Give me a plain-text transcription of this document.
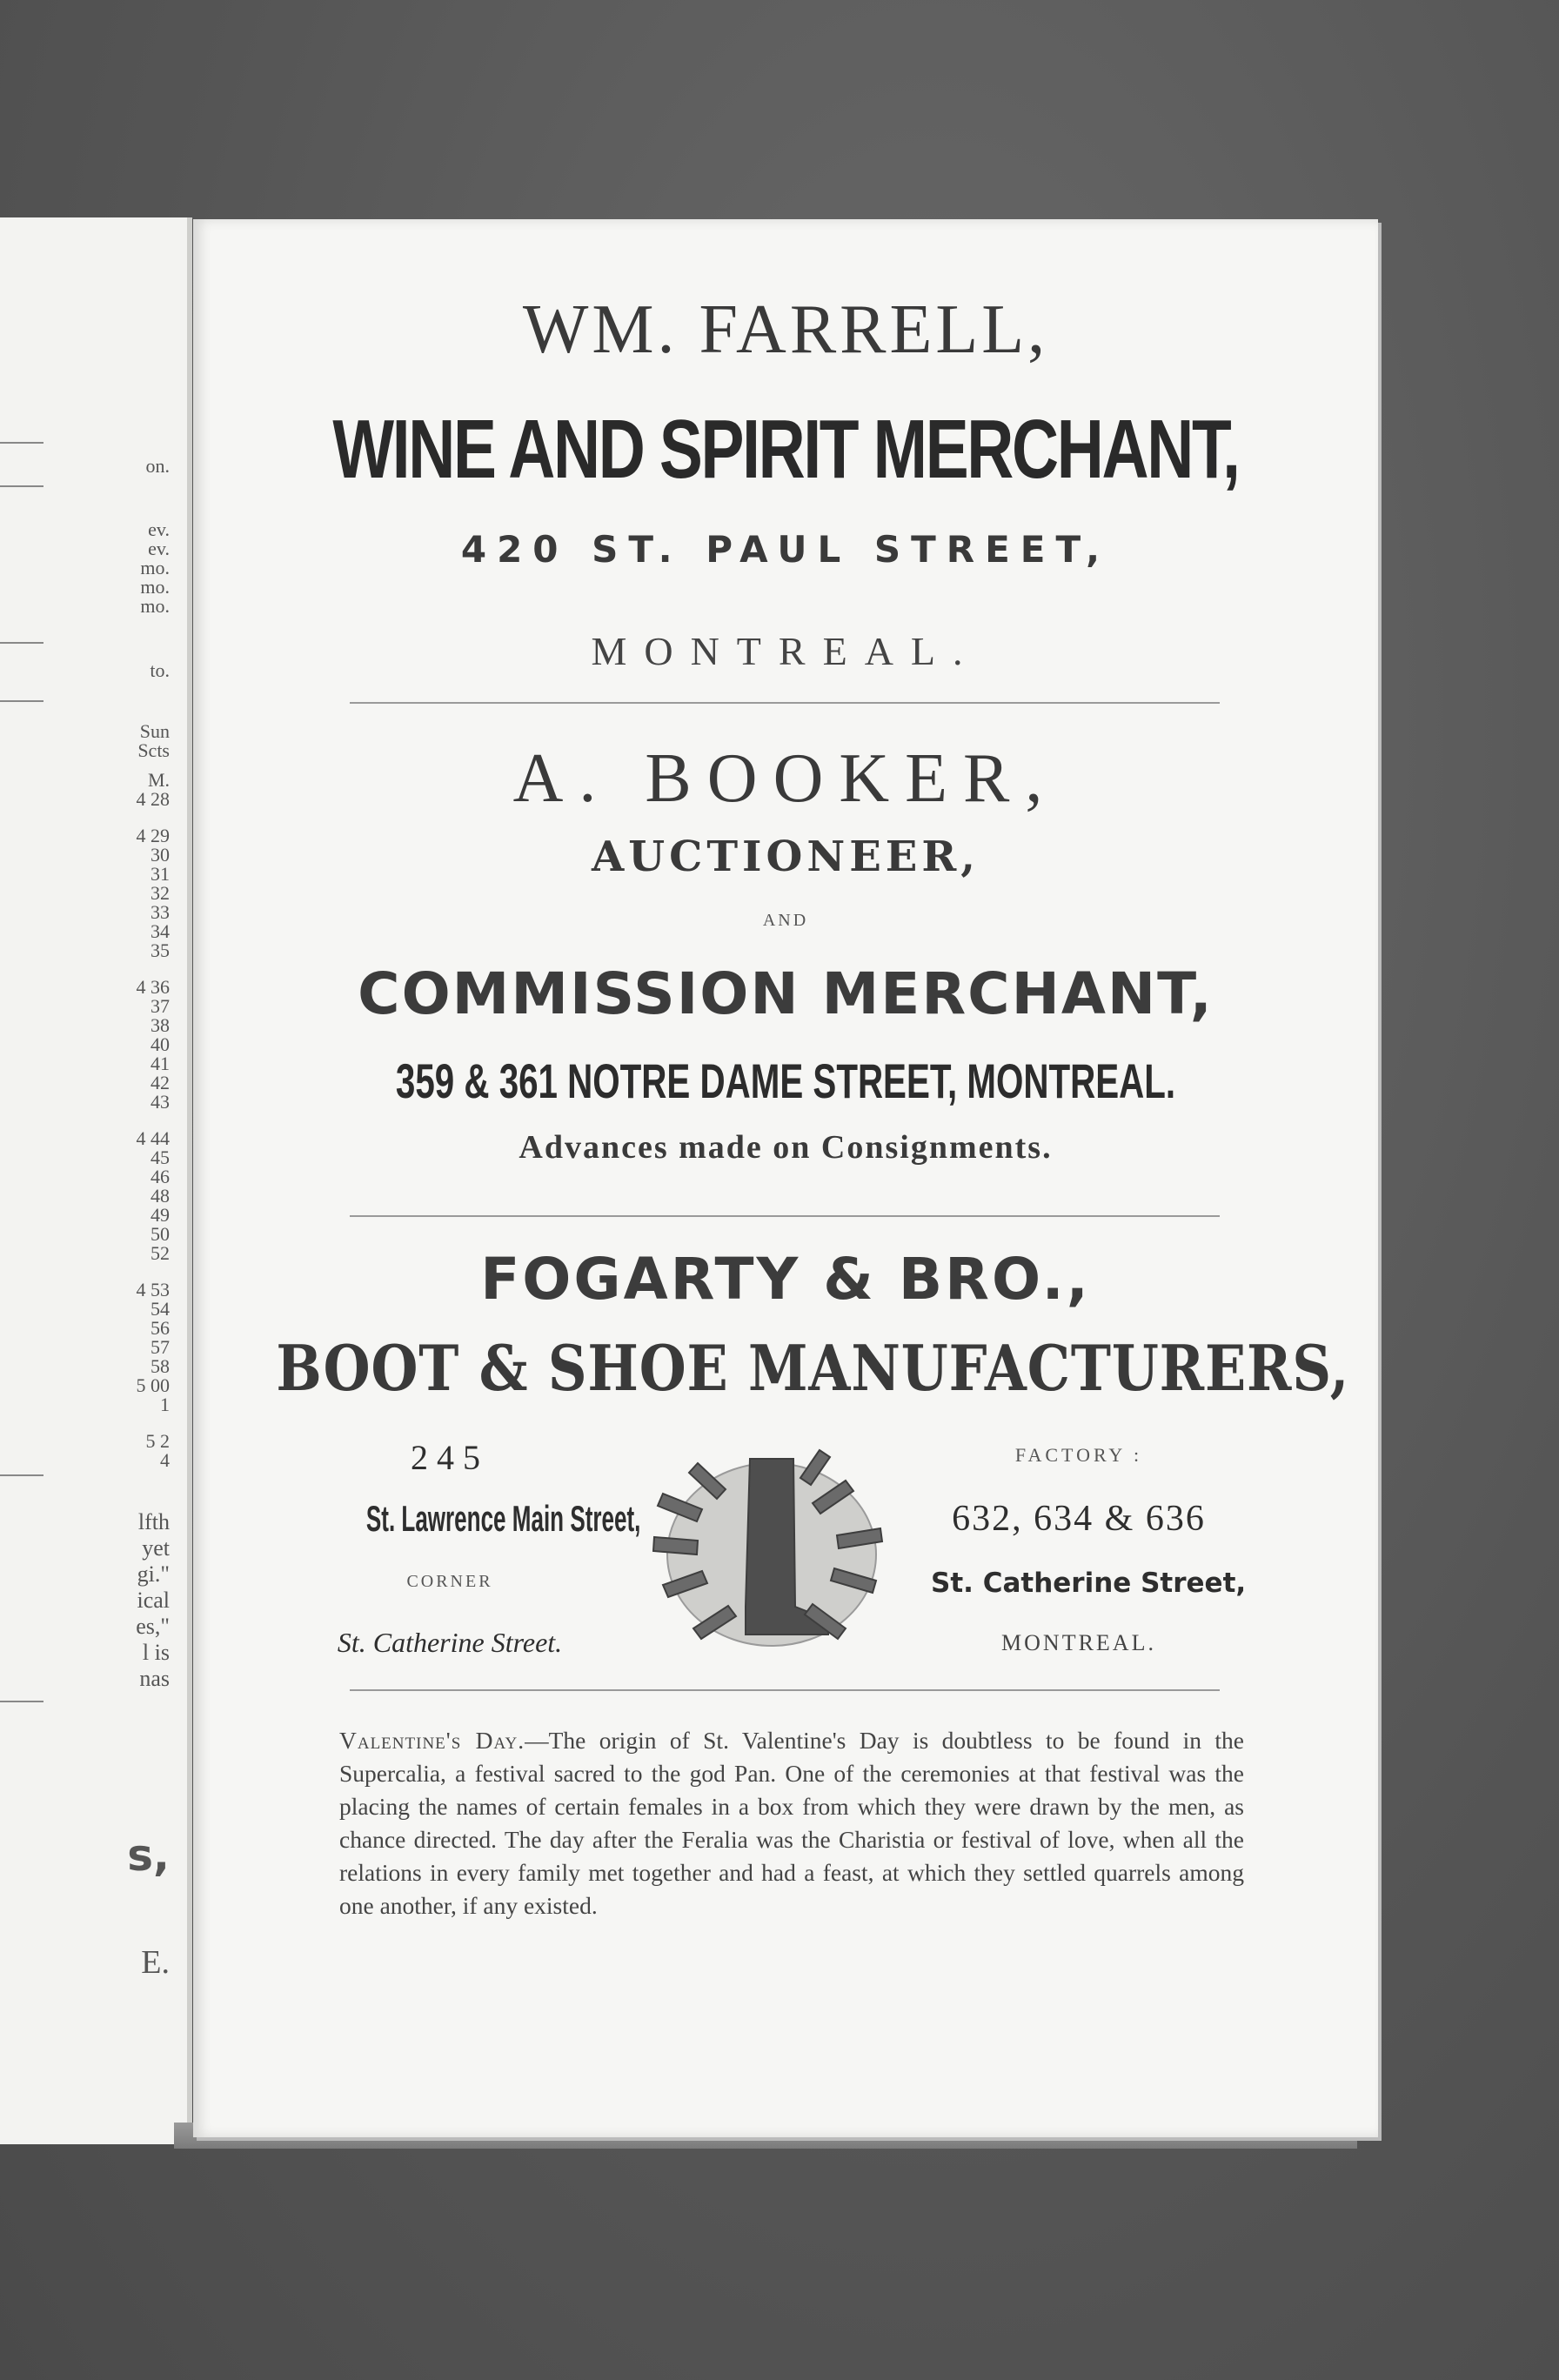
on.
ev.
ev.
mo.
mo.
mo.
to.
Sun
Scts
M.
4 28
4 29
30
31
32
33
34
35
4 36
37
38
40
41
42
43
4 44
45
46
48
49
50
52
4 53
54
56
57
58
5 00
1
5 2
4
lfth
yet
gi."
ical
es,"
l is
nas
s,
E.
WM. FARRELL,
WINE AND SPIRIT MERCHANT,
420 ST. PAUL STREET,
MONTREAL.
A. BOOKER,
AUCTIONEER,
AND
COMMISSION MERCHANT,
359 & 361 NOTRE DAME STREET, MONTREAL.
Advances made on Consignments.
FOGARTY & BRO.,
BOOT & SHOE MANUFACTURERS,
245
St. Lawrence Main Street,
CORNER
St. Catherine Street.
FACTORY :
632, 634 & 636
St. Catherine Street,
MONTREAL.
Valentine's Day.—The origin of St. Valentine's Day is doubtless to be found in the Supercalia, a festival sacred to the god Pan. One of the ceremonies at that festival was the placing the names of certain females in a box from which they were drawn by the men, as chance directed. The day after the Feralia was the Charistia or festival of love, when all the relations in every family met together and had a feast, at which they settled quarrels among one another, if any existed.
